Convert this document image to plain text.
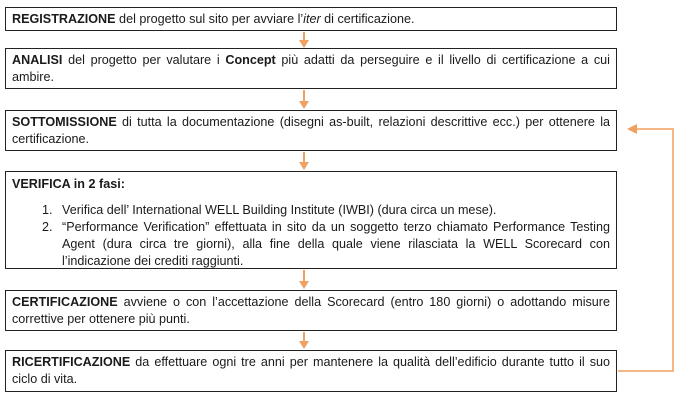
REGISTRAZIONE del progetto sul sito per avviare l’iter di certificazione.
ANALISI del progetto per valutare i Concept più adatti da perseguire e il livello di certificazione a cui ambire.
SOTTOMISSIONE di tutta la documentazione (disegni as-built, relazioni descrittive ecc.) per ottenere la certificazione.
VERIFICA in 2 fasi:
1. Verifica dell’ International WELL Building Institute (IWBI) (dura circa un mese).
2. “Performance Verification” effettuata in sito da un soggetto terzo chiamato Performance Testing Agent (dura circa tre giorni), alla fine della quale viene rilasciata la WELL Scorecard con l’indicazione dei crediti raggiunti.
CERTIFICAZIONE avviene o con l’accettazione della Scorecard (entro 180 giorni) o adottando misure correttive per ottenere più punti.
RICERTIFICAZIONE da effettuare ogni tre anni per mantenere la qualità dell’edificio durante tutto il suo ciclo di vita.
